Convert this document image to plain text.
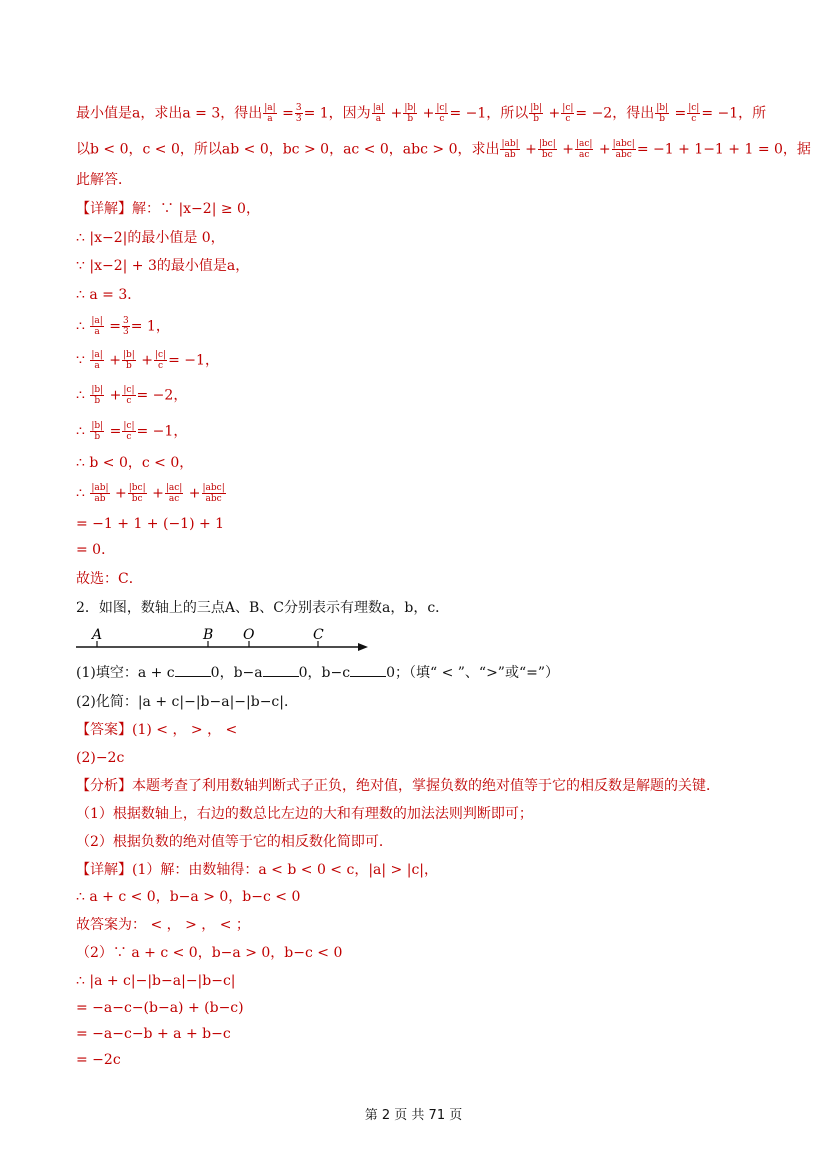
最小值是a，求出a = 3，得出 $\frac{|a|}{a} = \frac{3}{3} = 1$，因为 $\frac{|a|}{a} + \frac{|b|}{b} + \frac{|c|}{c} = -1$，所以 $\frac{|b|}{b} + \frac{|c|}{c} = -2$，得出 $\frac{|b|}{b} = \frac{|c|}{c} = -1$，所
以b < 0，c < 0，所以ab < 0，bc > 0，ac < 0，abc > 0，求出 $\frac{|ab|}{ab} + \frac{|bc|}{bc} + \frac{|ac|}{ac} + \frac{\text{|abc|}}{\text{abc}} = -1 + 1-1 + 1 = 0$，据
此解答．
【详解】解：∵ |x−2| ≥ 0，
∴ |x−2|的最小值是 0，
∵ |x−2| + 3的最小值是a，
∴ a = 3．
∴ $\frac{|a|}{a} = \frac{3}{3} = 1$，
∵ $\frac{|a|}{a} + \frac{|b|}{b} + \frac{|c|}{c} = -1$，
∴ $\frac{|b|}{b} + \frac{|c|}{c} = -2$，
∴ $\frac{|b|}{b} = \frac{|c|}{c} = -1$，
∴ b < 0，c < 0，
∴ $\frac{|ab|}{ab} + \frac{|bc|}{bc} + \frac{|ac|}{ac} + \frac{\text{|abc|}}{\text{abc}}$
= −1 + 1 + (−1) + 1
= 0．
故选：C．
2．如图，数轴上的三点A、B、C分别表示有理数a，b，c．
A	B O	C
(1)填空：a + c	0，b−a	0，b−c	0；（填“ < ”、“>”或“=”）
(2)化简：|a + c|−|b−a|−|b−c|．
【答案】(1) < ， > ， <
(2)−2c
【分析】本题考查了利用数轴判断式子正负，绝对值，掌握负数的绝对值等于它的相反数是解题的关键．
（1）根据数轴上，右边的数总比左边的大和有理数的加法法则判断即可；
（2）根据负数的绝对值等于它的相反数化简即可．
【详解】(1）解：由数轴得：a < b < 0 < c，|a| > |c|，
∴ a + c < 0，b−a > 0，b−c < 0
故答案为： < ， > ， < ；
（2）∵ a + c < 0，b−a > 0，b−c < 0
∴ |a + c|−|b−a|−|b−c|
= −a−c−(b−a) + (b−c)
= −a−c−b + a + b−c
= −2c
第 2 页 共 71 页
